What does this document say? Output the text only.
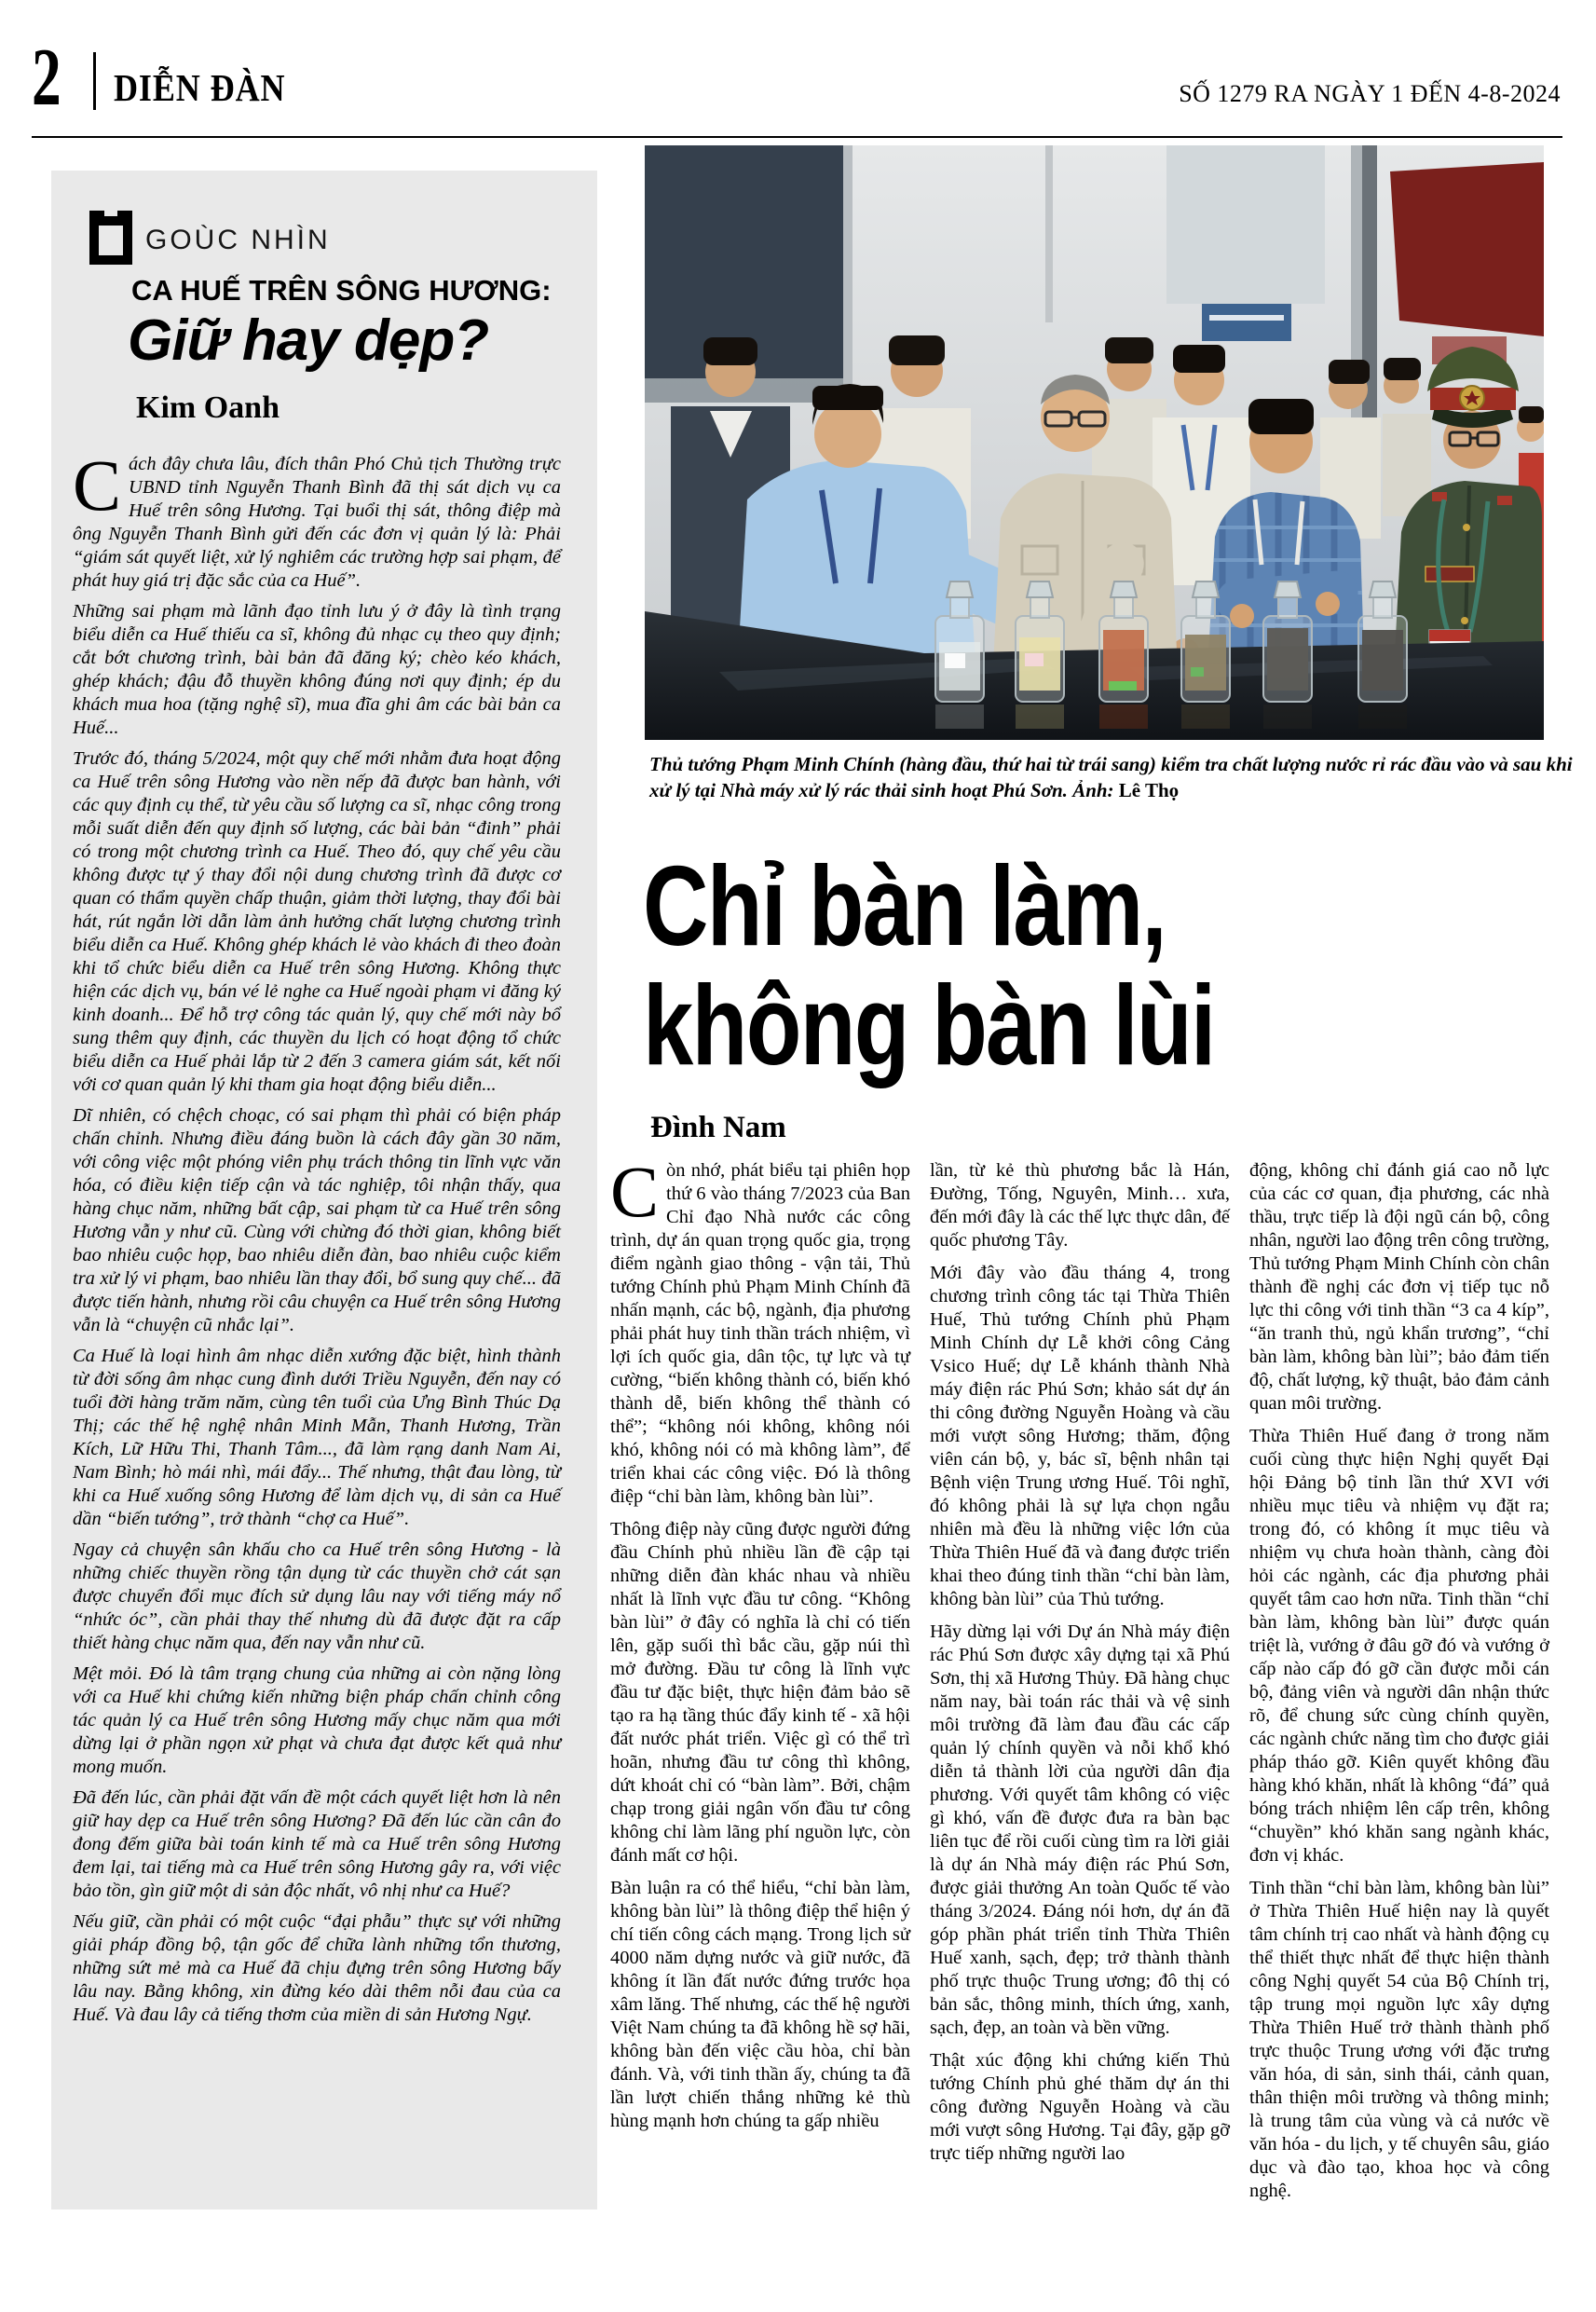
2 DIỄN ĐÀN	SỐ 1279 RA NGÀY 1 ĐẾN 4-8-2024
GOÙC NHÌN
CA HUẾ TRÊN SÔNG HƯƠNG:
Giữ hay dẹp?
Kim Oanh

Cách đây chưa lâu, đích thân Phó Chủ tịch Thường trực UBND tỉnh Nguyễn Thanh Bình đã thị sát dịch vụ ca Huế trên sông Hương. Tại buổi thị sát, thông điệp mà ông Nguyễn Thanh Bình gửi đến các đơn vị quản lý là: Phải “giám sát quyết liệt, xử lý nghiêm các trường hợp sai phạm, để phát huy giá trị đặc sắc của ca Huế”.

Những sai phạm mà lãnh đạo tỉnh lưu ý ở đây là tình trạng biểu diễn ca Huế thiếu ca sĩ, không đủ nhạc cụ theo quy định; cắt bớt chương trình, bài bản đã đăng ký; chèo kéo khách, ghép khách; đậu đỗ thuyền không đúng nơi quy định; ép du khách mua hoa (tặng nghệ sĩ), mua đĩa ghi âm các bài bản ca Huế...

Trước đó, tháng 5/2024, một quy chế mới nhằm đưa hoạt động ca Huế trên sông Hương vào nền nếp đã được ban hành, với các quy định cụ thể, từ yêu cầu số lượng ca sĩ, nhạc công trong mỗi suất diễn đến quy định số lượng, các bài bản “đinh” phải có trong một chương trình ca Huế. Theo đó, quy chế yêu cầu không được tự ý thay đổi nội dung chương trình đã được cơ quan có thẩm quyền chấp thuận, giảm thời lượng, thay đổi bài hát, rút ngắn lời dẫn làm ảnh hưởng chất lượng chương trình biểu diễn ca Huế. Không ghép khách lẻ vào khách đi theo đoàn khi tổ chức biểu diễn ca Huế trên sông Hương. Không thực hiện các dịch vụ, bán vé lẻ nghe ca Huế ngoài phạm vi đăng ký kinh doanh... Để hỗ trợ công tác quản lý, quy chế mới này bổ sung thêm quy định, các thuyền du lịch có hoạt động tổ chức biểu diễn ca Huế phải lắp từ 2 đến 3 camera giám sát, kết nối với cơ quan quản lý khi tham gia hoạt động biểu diễn...

Dĩ nhiên, có chệch choạc, có sai phạm thì phải có biện pháp chấn chỉnh. Nhưng điều đáng buồn là cách đây gần 30 năm, với công việc một phóng viên phụ trách thông tin lĩnh vực văn hóa, có điều kiện tiếp cận và tác nghiệp, tôi nhận thấy, qua hàng chục năm, những bất cập, sai phạm từ ca Huế trên sông Hương vẫn y như cũ. Cùng với chừng đó thời gian, không biết bao nhiêu cuộc họp, bao nhiêu diễn đàn, bao nhiêu cuộc kiểm tra xử lý vi phạm, bao nhiêu lần thay đổi, bổ sung quy chế... đã được tiến hành, nhưng rồi câu chuyện ca Huế trên sông Hương vẫn là “chuyện cũ nhắc lại”.

Ca Huế là loại hình âm nhạc diễn xướng đặc biệt, hình thành từ đời sống âm nhạc cung đình dưới Triều Nguyễn, đến nay có tuổi đời hàng trăm năm, cùng tên tuổi của Ưng Bình Thúc Dạ Thị; các thế hệ nghệ nhân Minh Mẫn, Thanh Hương, Trần Kích, Lữ Hữu Thi, Thanh Tâm..., đã làm rạng danh Nam Ai, Nam Bình; hò mái nhì, mái đẩy... Thế nhưng, thật đau lòng, từ khi ca Huế xuống sông Hương để làm dịch vụ, di sản ca Huế dần “biến tướng”, trở thành “chợ ca Huế”.

Ngay cả chuyện sân khấu cho ca Huế trên sông Hương - là những chiếc thuyền rồng tận dụng từ các thuyền chở cát sạn được chuyển đổi mục đích sử dụng lâu nay với tiếng máy nổ “nhức óc”, cần phải thay thế nhưng dù đã được đặt ra cấp thiết hàng chục năm qua, đến nay vẫn như cũ.

Mệt mỏi. Đó là tâm trạng chung của những ai còn nặng lòng với ca Huế khi chứng kiến những biện pháp chấn chỉnh công tác quản lý ca Huế trên sông Hương mấy chục năm qua mới dừng lại ở phần ngọn xử phạt và chưa đạt được kết quả như mong muốn.

Đã đến lúc, cần phải đặt vấn đề một cách quyết liệt hơn là nên giữ hay dẹp ca Huế trên sông Hương? Đã đến lúc cần cân đo đong đếm giữa bài toán kinh tế mà ca Huế trên sông Hương đem lại, tai tiếng mà ca Huế trên sông Hương gây ra, với việc bảo tồn, gìn giữ một di sản độc nhất, vô nhị như ca Huế?

Nếu giữ, cần phải có một cuộc “đại phẫu” thực sự với những giải pháp đồng bộ, tận gốc để chữa lành những tổn thương, những sứt mẻ mà ca Huế đã chịu đựng trên sông Hương bấy lâu nay. Bằng không, xin đừng kéo dài thêm nỗi đau của ca Huế. Và đau lây cả tiếng thơm của miền di sản Hương Ngự.

Thủ tướng Phạm Minh Chính (hàng đầu, thứ hai từ trái sang) kiểm tra chất lượng nước rỉ rác đầu vào và sau khi xử lý tại Nhà máy xử lý rác thải sinh hoạt Phú Sơn. Ảnh: Lê Thọ
Chỉ bàn làm,
không bàn lùi
Đình Nam

Còn nhớ, phát biểu tại phiên họp thứ 6 vào tháng 7/2023 của Ban Chỉ đạo Nhà nước các công trình, dự án quan trọng quốc gia, trọng điểm ngành giao thông - vận tải, Thủ tướng Chính phủ Phạm Minh Chính đã nhấn mạnh, các bộ, ngành, địa phương phải phát huy tinh thần trách nhiệm, vì lợi ích quốc gia, dân tộc, tự lực và tự cường, “biến không thành có, biến khó thành dễ, biến không thể thành có thể”; “không nói không, không nói khó, không nói có mà không làm”, để triển khai các công việc. Đó là thông điệp “chỉ bàn làm, không bàn lùi”.

Thông điệp này cũng được người đứng đầu Chính phủ nhiều lần đề cập tại những diễn đàn khác nhau và nhiều nhất là lĩnh vực đầu tư công. “Không bàn lùi” ở đây có nghĩa là chỉ có tiến lên, gặp suối thì bắc cầu, gặp núi thì mở đường. Đầu tư công là lĩnh vực đầu tư đặc biệt, thực hiện đảm bảo sẽ tạo ra hạ tầng thúc đẩy kinh tế - xã hội đất nước phát triển. Việc gì có thể trì hoãn, nhưng đầu tư công thì không, dứt khoát chỉ có “bàn làm”. Bởi, chậm chạp trong giải ngân vốn đầu tư công không chỉ làm lãng phí nguồn lực, còn đánh mất cơ hội.

Bàn luận ra có thể hiểu, “chỉ bàn làm, không bàn lùi” là thông điệp thể hiện ý chí tiến công cách mạng. Trong lịch sử 4000 năm dựng nước và giữ nước, đã không ít lần đất nước đứng trước họa xâm lăng. Thế nhưng, các thế hệ người Việt Nam chúng ta đã không hề sợ hãi, không bàn đến việc cầu hòa, chỉ bàn đánh. Và, với tinh thần ấy, chúng ta đã lần lượt chiến thắng những kẻ thù hùng mạnh hơn chúng ta gấp nhiều

lần, từ kẻ thù phương bắc là Hán, Đường, Tống, Nguyên, Minh… xưa, đến mới đây là các thế lực thực dân, đế quốc phương Tây.

Mới đây vào đầu tháng 4, trong chương trình công tác tại Thừa Thiên Huế, Thủ tướng Chính phủ Phạm Minh Chính dự Lễ khởi công Cảng Vsico Huế; dự Lễ khánh thành Nhà máy điện rác Phú Sơn; khảo sát dự án thi công đường Nguyễn Hoàng và cầu mới vượt sông Hương; thăm, động viên cán bộ, y, bác sĩ, bệnh nhân tại Bệnh viện Trung ương Huế. Tôi nghĩ, đó không phải là sự lựa chọn ngẫu nhiên mà đều là những việc lớn của Thừa Thiên Huế đã và đang được triển khai theo đúng tinh thần “chỉ bàn làm, không bàn lùi” của Thủ tướng.

Hãy dừng lại với Dự án Nhà máy điện rác Phú Sơn được xây dựng tại xã Phú Sơn, thị xã Hương Thủy. Đã hàng chục năm nay, bài toán rác thải và vệ sinh môi trường đã làm đau đầu các cấp quản lý chính quyền và nỗi khổ khó diễn tả thành lời của người dân địa phương. Với quyết tâm không có việc gì khó, vấn đề được đưa ra bàn bạc liên tục để rồi cuối cùng tìm ra lời giải là dự án Nhà máy điện rác Phú Sơn, được giải thưởng An toàn Quốc tế vào tháng 3/2024. Đáng nói hơn, dự án đã góp phần phát triển tỉnh Thừa Thiên Huế xanh, sạch, đẹp; trở thành thành phố trực thuộc Trung ương; đô thị có bản sắc, thông minh, thích ứng, xanh, sạch, đẹp, an toàn và bền vững.

Thật xúc động khi chứng kiến Thủ tướng Chính phủ ghé thăm dự án thi công đường Nguyễn Hoàng và cầu mới vượt sông Hương. Tại đây, gặp gỡ trực tiếp những người lao

động, không chỉ đánh giá cao nỗ lực của các cơ quan, địa phương, các nhà thầu, trực tiếp là đội ngũ cán bộ, công nhân, người lao động trên công trường, Thủ tướng Phạm Minh Chính còn chân thành đề nghị các đơn vị tiếp tục nỗ lực thi công với tinh thần “3 ca 4 kíp”, “ăn tranh thủ, ngủ khẩn trương”, “chỉ bàn làm, không bàn lùi”; bảo đảm tiến độ, chất lượng, kỹ thuật, bảo đảm cảnh quan môi trường.

Thừa Thiên Huế đang ở trong năm cuối cùng thực hiện Nghị quyết Đại hội Đảng bộ tỉnh lần thứ XVI với nhiều mục tiêu và nhiệm vụ đặt ra; trong đó, có không ít mục tiêu và nhiệm vụ chưa hoàn thành, càng đòi hỏi các ngành, các địa phương phải quyết tâm cao hơn nữa. Tinh thần “chỉ bàn làm, không bàn lùi” được quán triệt là, vướng ở đâu gỡ đó và vướng ở cấp nào cấp đó gỡ cần được mỗi cán bộ, đảng viên và người dân nhận thức rõ, để chung sức cùng chính quyền, các ngành chức năng tìm cho được giải pháp tháo gỡ. Kiên quyết không đầu hàng khó khăn, nhất là không “đá” quả bóng trách nhiệm lên cấp trên, không “chuyền” khó khăn sang ngành khác, đơn vị khác.

Tinh thần “chỉ bàn làm, không bàn lùi” ở Thừa Thiên Huế hiện nay là quyết tâm chính trị cao nhất và hành động cụ thể thiết thực nhất để thực hiện thành công Nghị quyết 54 của Bộ Chính trị, tập trung mọi nguồn lực xây dựng Thừa Thiên Huế trở thành thành phố trực thuộc Trung ương với đặc trưng văn hóa, di sản, sinh thái, cảnh quan, thân thiện môi trường và thông minh; là trung tâm của vùng và cả nước về văn hóa - du lịch, y tế chuyên sâu, giáo dục và đào tạo, khoa học và công nghệ.
